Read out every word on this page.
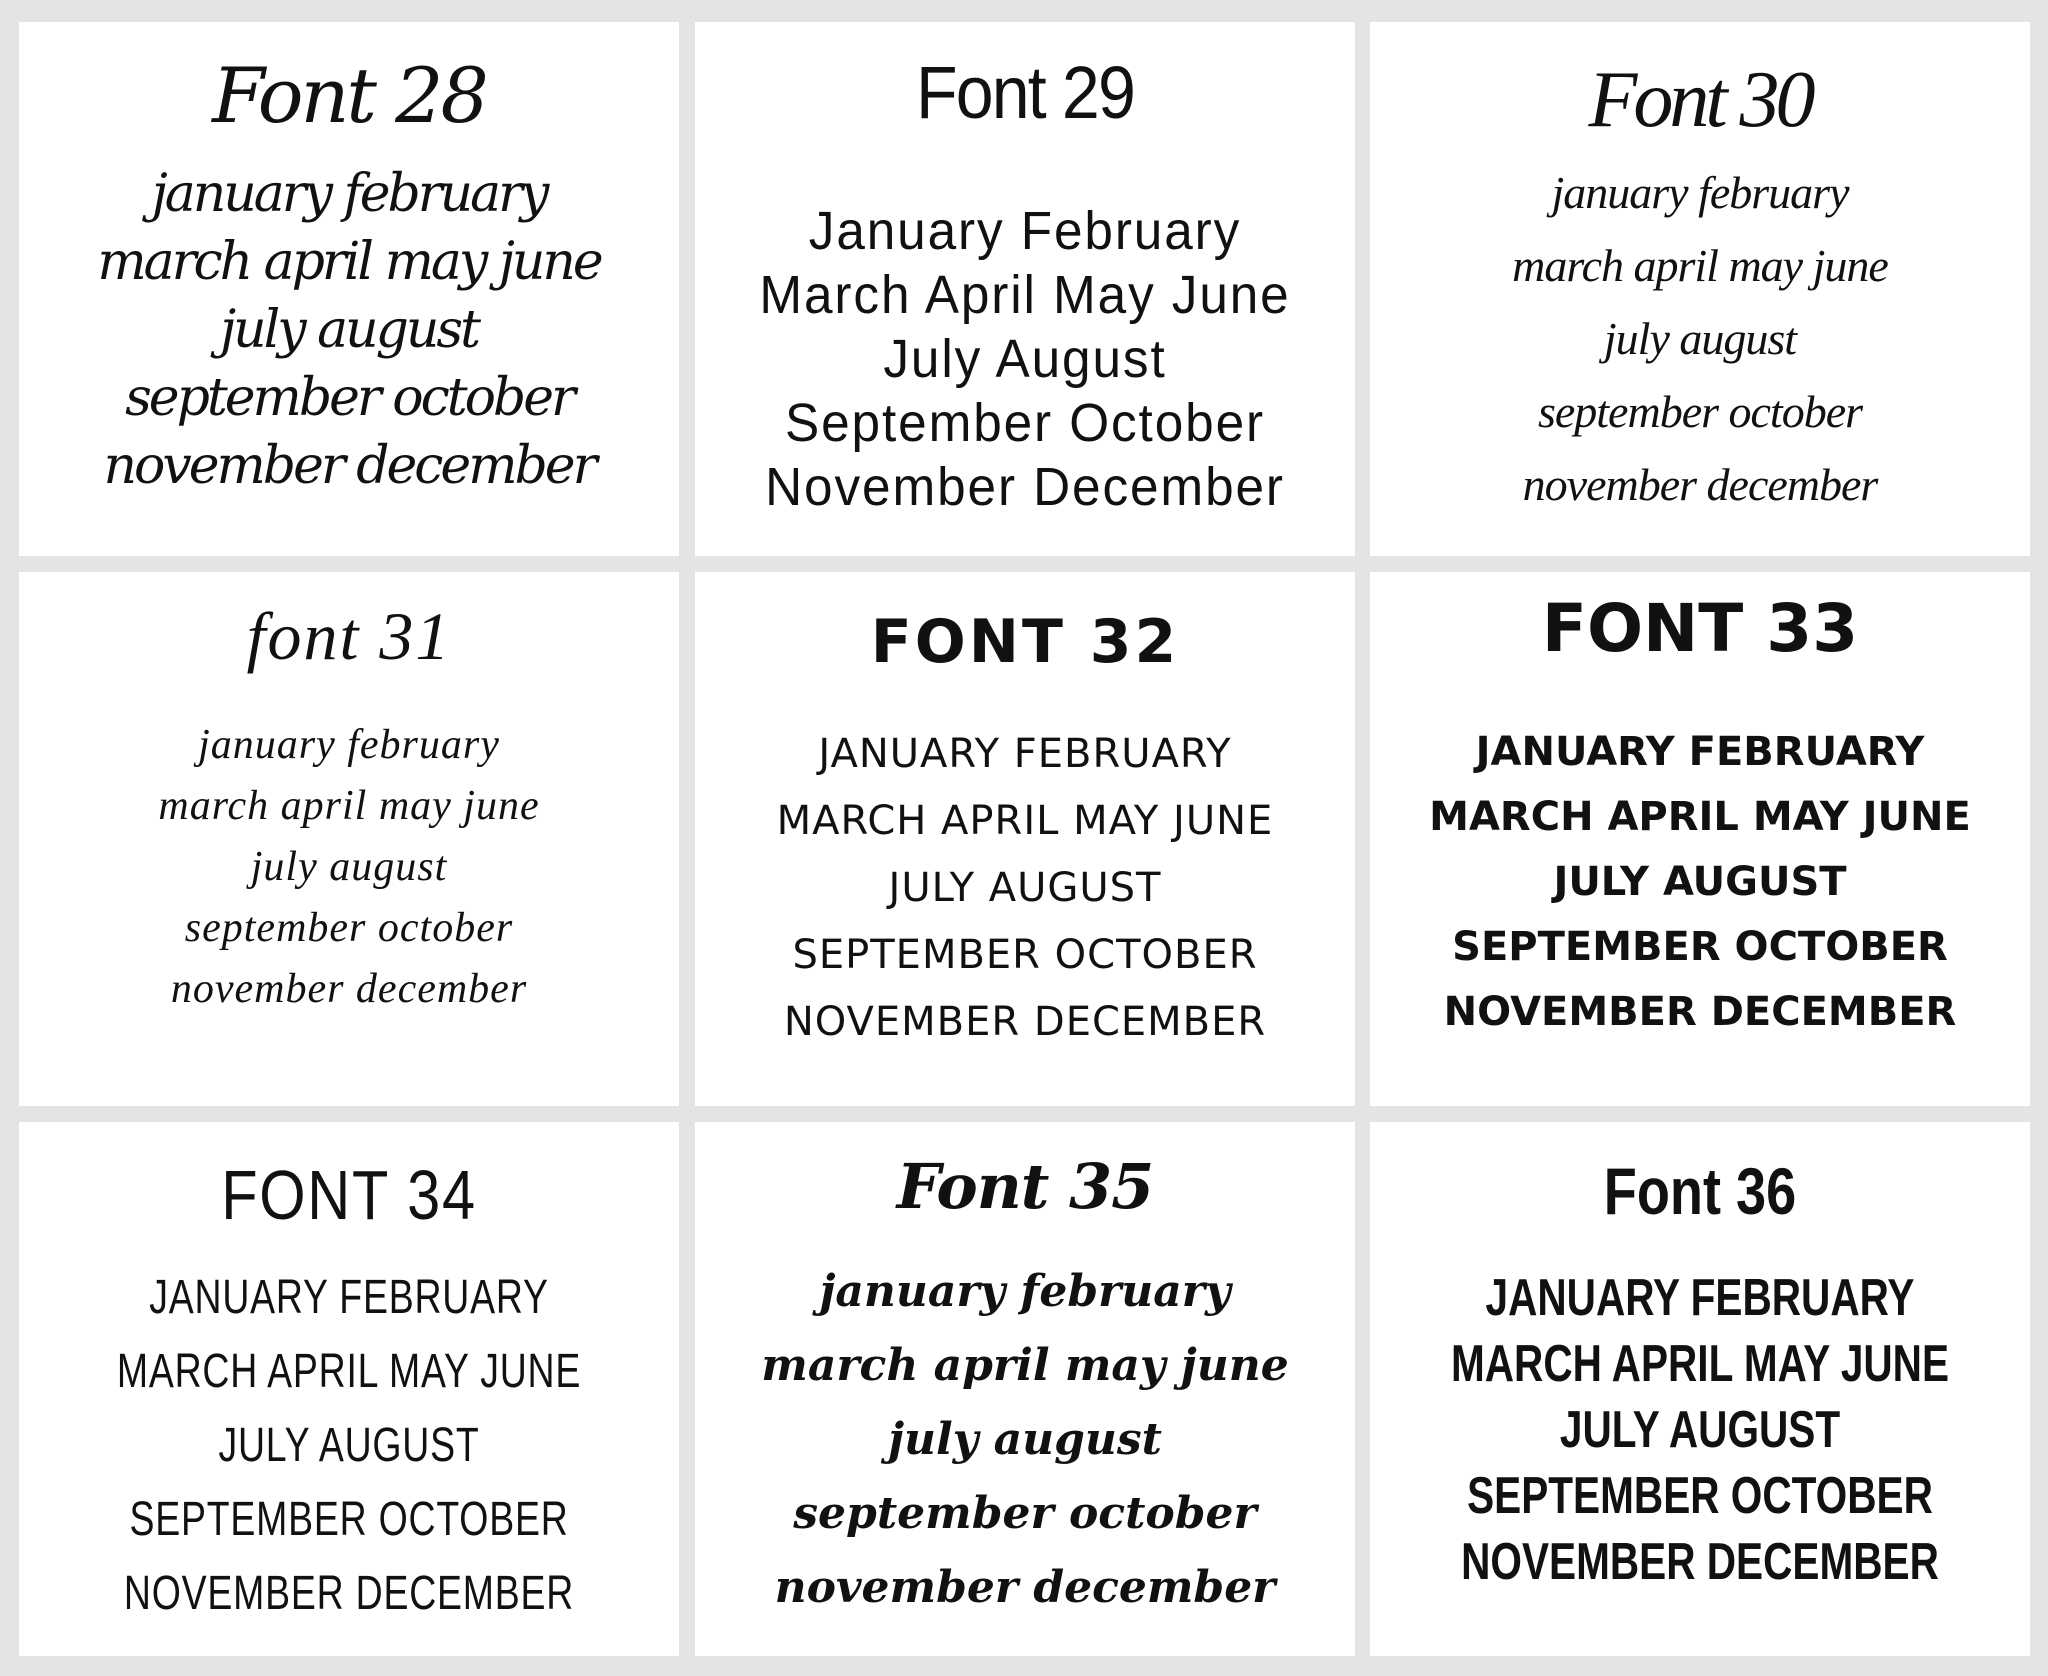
Font 28
january february
march april may june
july august
september october
november december
Font 29
January February
March April May June
July August
September October
November December
Font 30
january february
march april may june
july august
september october
november december
font 31
january february
march april may june
july august
september october
november december
FONT 32
JANUARY FEBRUARY
MARCH APRIL MAY JUNE
JULY AUGUST
SEPTEMBER OCTOBER
NOVEMBER DECEMBER
FONT 33
JANUARY FEBRUARY
MARCH APRIL MAY JUNE
JULY AUGUST
SEPTEMBER OCTOBER
NOVEMBER DECEMBER
FONT 34
JANUARY FEBRUARY
MARCH APRIL MAY JUNE
JULY AUGUST
SEPTEMBER OCTOBER
NOVEMBER DECEMBER
Font 35
january february
march april may june
july august
september october
november december
Font 36
JANUARY FEBRUARY
MARCH APRIL MAY JUNE
JULY AUGUST
SEPTEMBER OCTOBER
NOVEMBER DECEMBER
